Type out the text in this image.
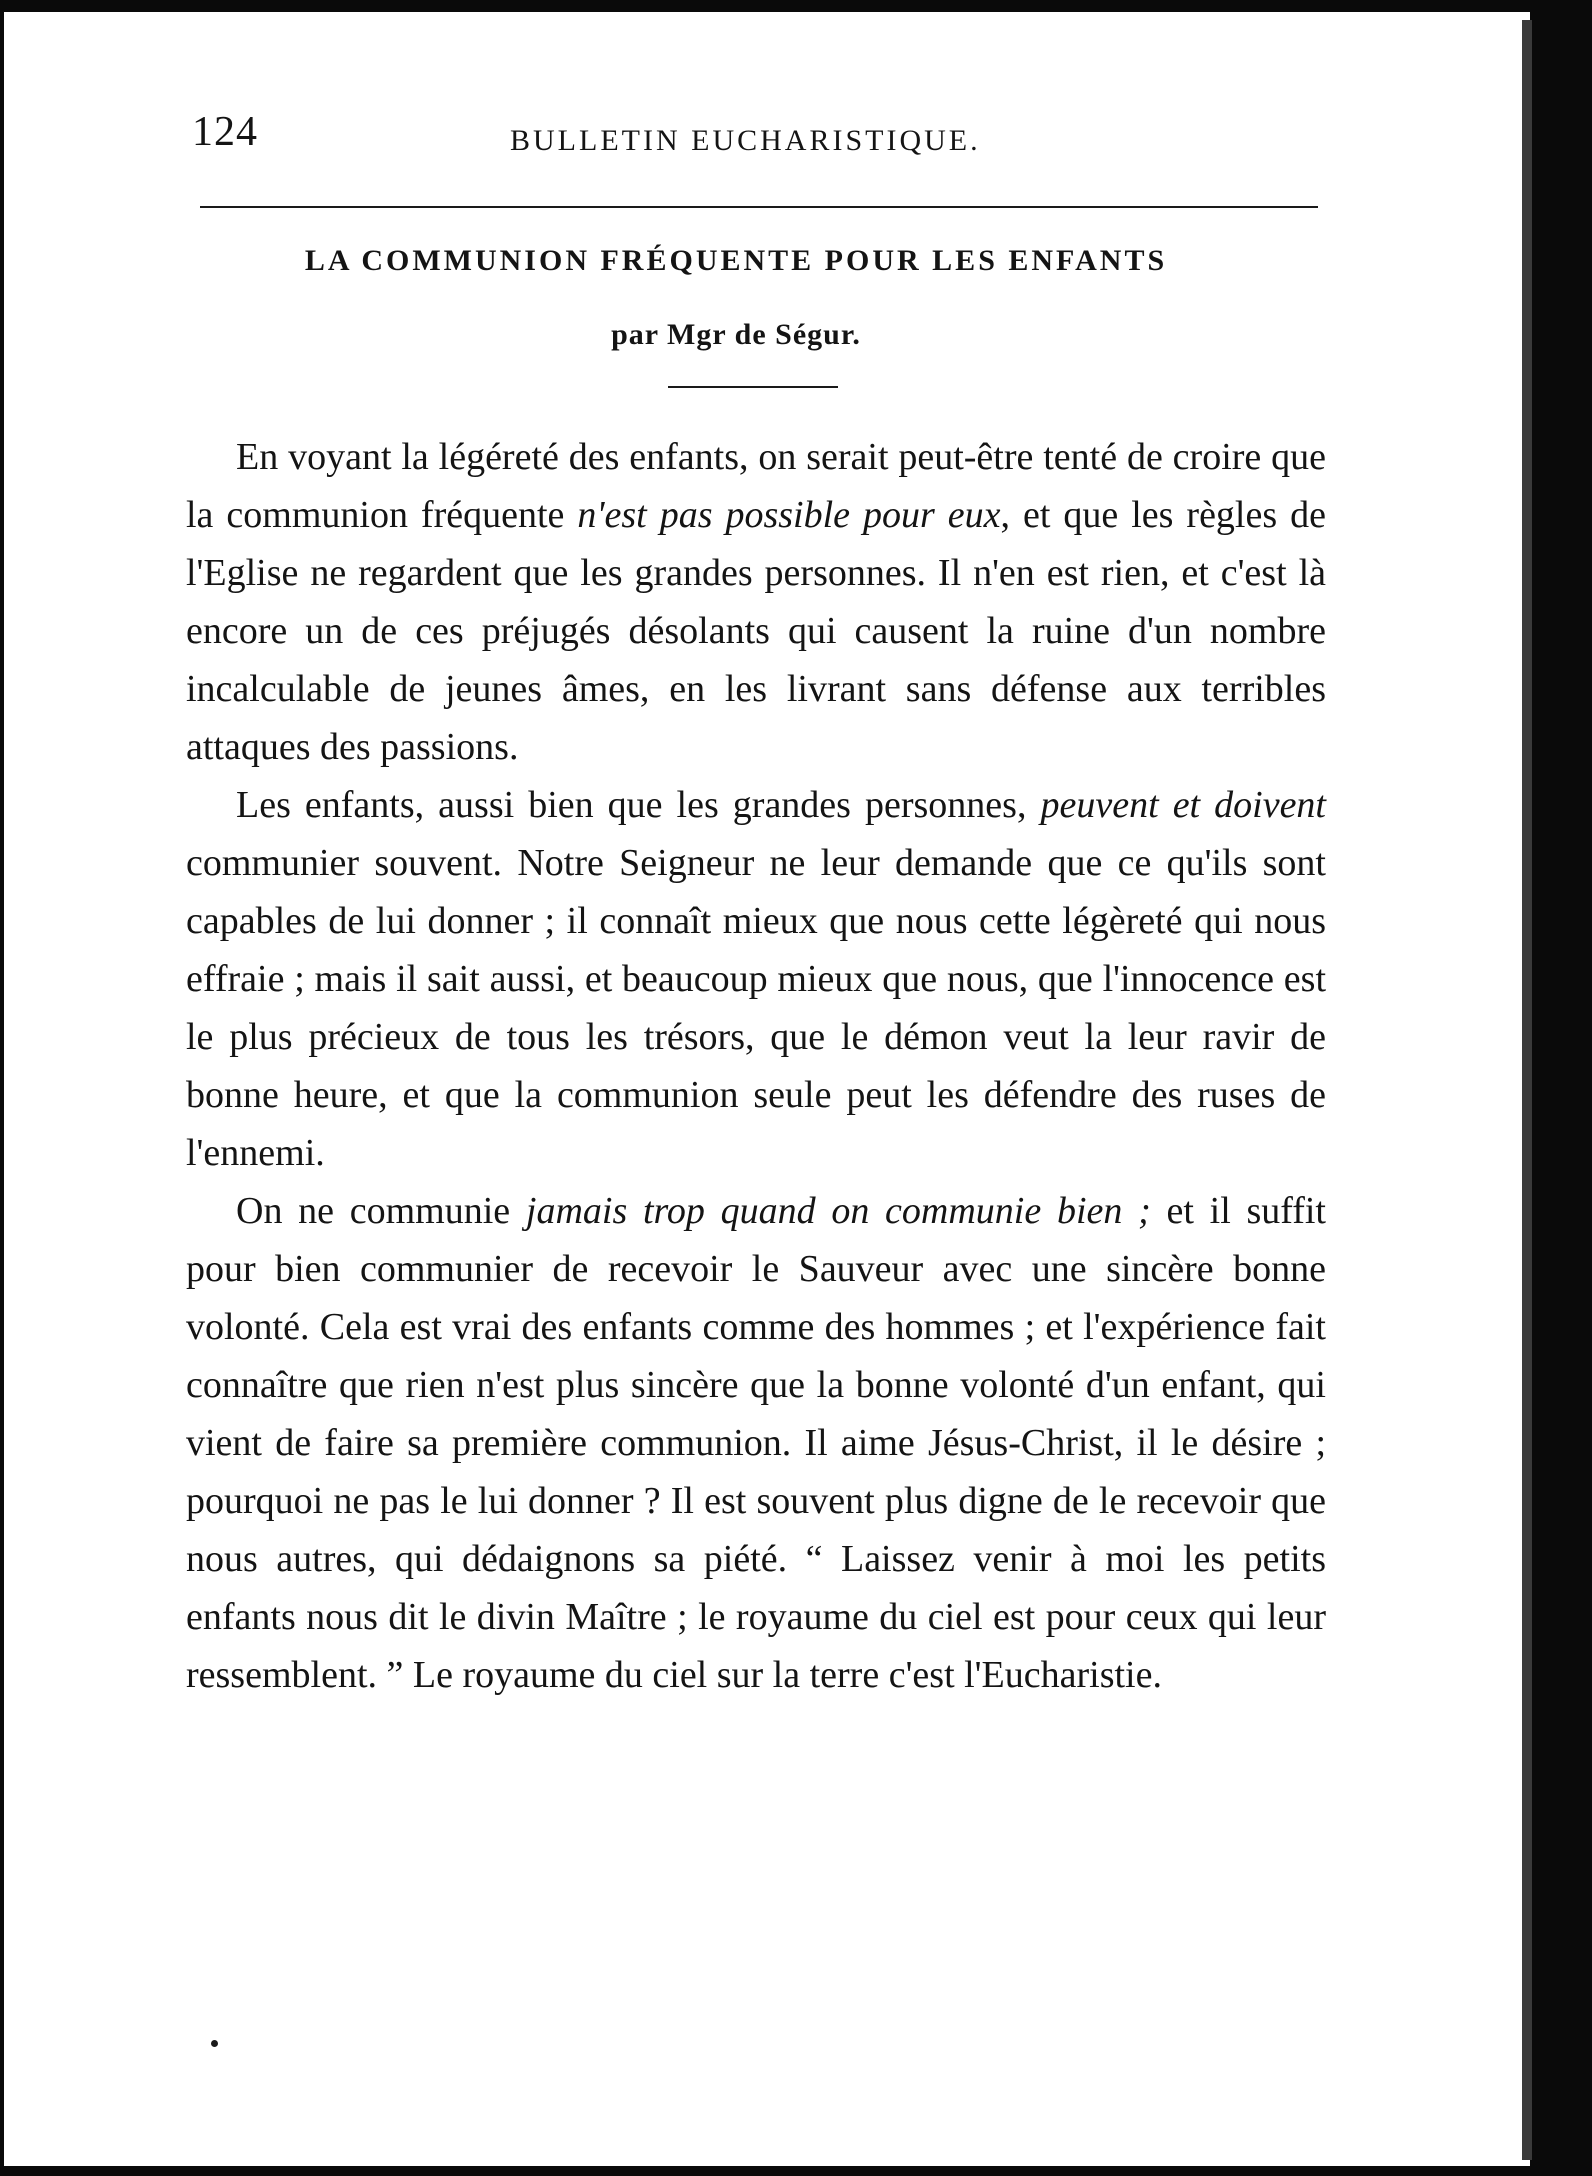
124	BULLETIN EUCHARISTIQUE.
LA COMMUNION FRÉQUENTE POUR LES ENFANTS
par Mgr de Ségur.

En voyant la légéreté des enfants, on serait peut-être tenté de croire que la communion fréquente n'est pas possible pour eux, et que les règles de l'Eglise ne regardent que les grandes personnes. Il n'en est rien, et c'est là encore un de ces préjugés désolants qui causent la ruine d'un nombre incalculable de jeunes âmes, en les livrant sans défense aux terribles attaques des passions.

Les enfants, aussi bien que les grandes personnes, peuvent et doivent communier souvent. Notre Seigneur ne leur demande que ce qu'ils sont capables de lui donner ; il connaît mieux que nous cette légèreté qui nous effraie ; mais il sait aussi, et beaucoup mieux que nous, que l'innocence est le plus précieux de tous les trésors, que le démon veut la leur ravir de bonne heure, et que la communion seule peut les défendre des ruses de l'ennemi.

On ne communie jamais trop quand on communie bien ; et il suffit pour bien communier de recevoir le Sauveur avec une sincère bonne volonté. Cela est vrai des enfants comme des hommes ; et l'expérience fait connaître que rien n'est plus sincère que la bonne volonté d'un enfant, qui vient de faire sa première communion. Il aime Jésus-Christ, il le désire ; pourquoi ne pas le lui donner ? Il est souvent plus digne de le recevoir que nous autres, qui dédaignons sa piété. “ Laissez venir à moi les petits enfants nous dit le divin Maître ; le royaume du ciel est pour ceux qui leur ressemblent. ” Le royaume du ciel sur la terre c'est l'Eucharistie.
